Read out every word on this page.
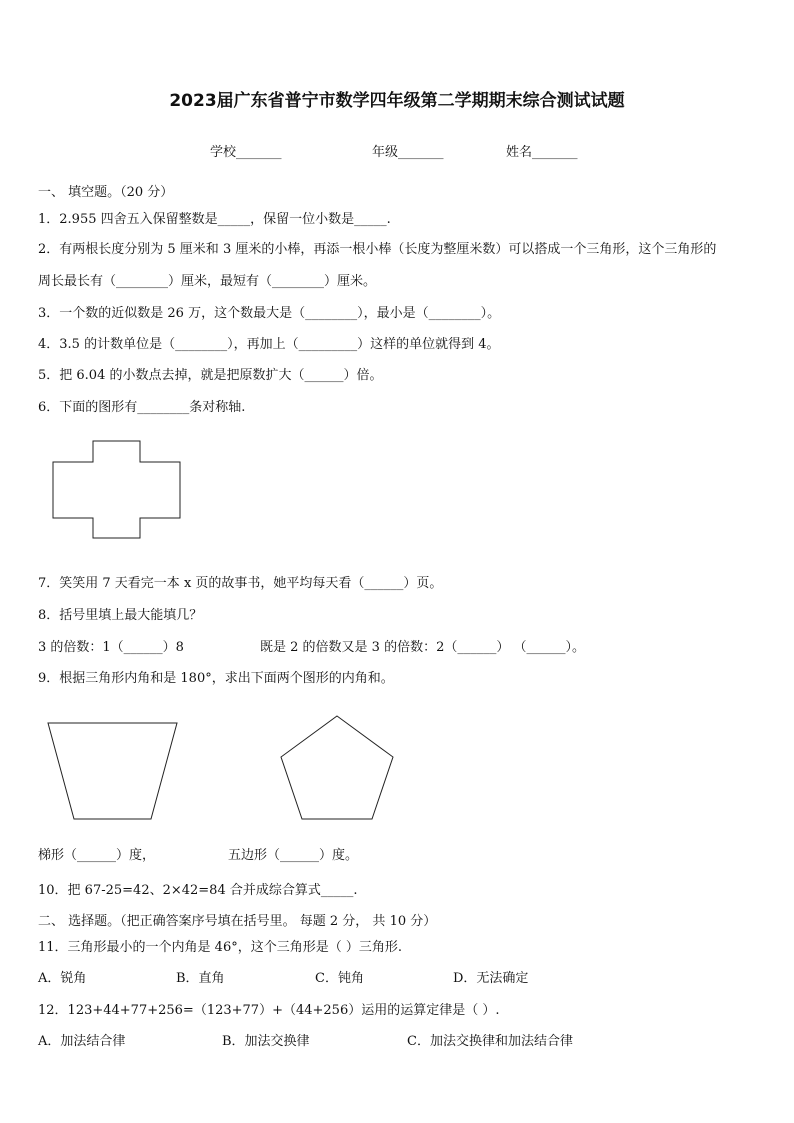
2023届广东省普宁市数学四年级第二学期期末综合测试试题
学校_______	年级_______	姓名_______
一、 填空题。（20 分）
1．2.955 四舍五入保留整数是_____，保留一位小数是_____.
2．有两根长度分别为 5 厘米和 3 厘米的小棒，再添一根小棒（长度为整厘米数）可以搭成一个三角形，这个三角形的
周长最长有（________）厘米，最短有（________）厘米。
3．一个数的近似数是 26 万，这个数最大是（________），最小是（________）。
4．3.5 的计数单位是（________），再加上（_________）这样的单位就得到 4。
5．把 6.04 的小数点去掉，就是把原数扩大（______）倍。
6．下面的图形有________条对称轴.
7．笑笑用 7 天看完一本 x 页的故事书，她平均每天看（______）页。
8．括号里填上最大能填几？
3 的倍数：1（______）8	既是 2 的倍数又是 3 的倍数：2（______） （______）。
9．根据三角形内角和是 180°，求出下面两个图形的内角和。
梯形（______）度，	五边形（______）度。
10．把 67-25=42、2×42=84 合并成综合算式_____.
二、 选择题。（把正确答案序号填在括号里。 每题 2 分， 共 10 分）
11．三角形最小的一个内角是 46°，这个三角形是（ ）三角形.
A．锐角	B．直角	C．钝角	D．无法确定
12．123+44+77+256=（123+77）+（44+256）运用的运算定律是（ ）.
A．加法结合律	B．加法交换律	C．加法交换律和加法结合律
